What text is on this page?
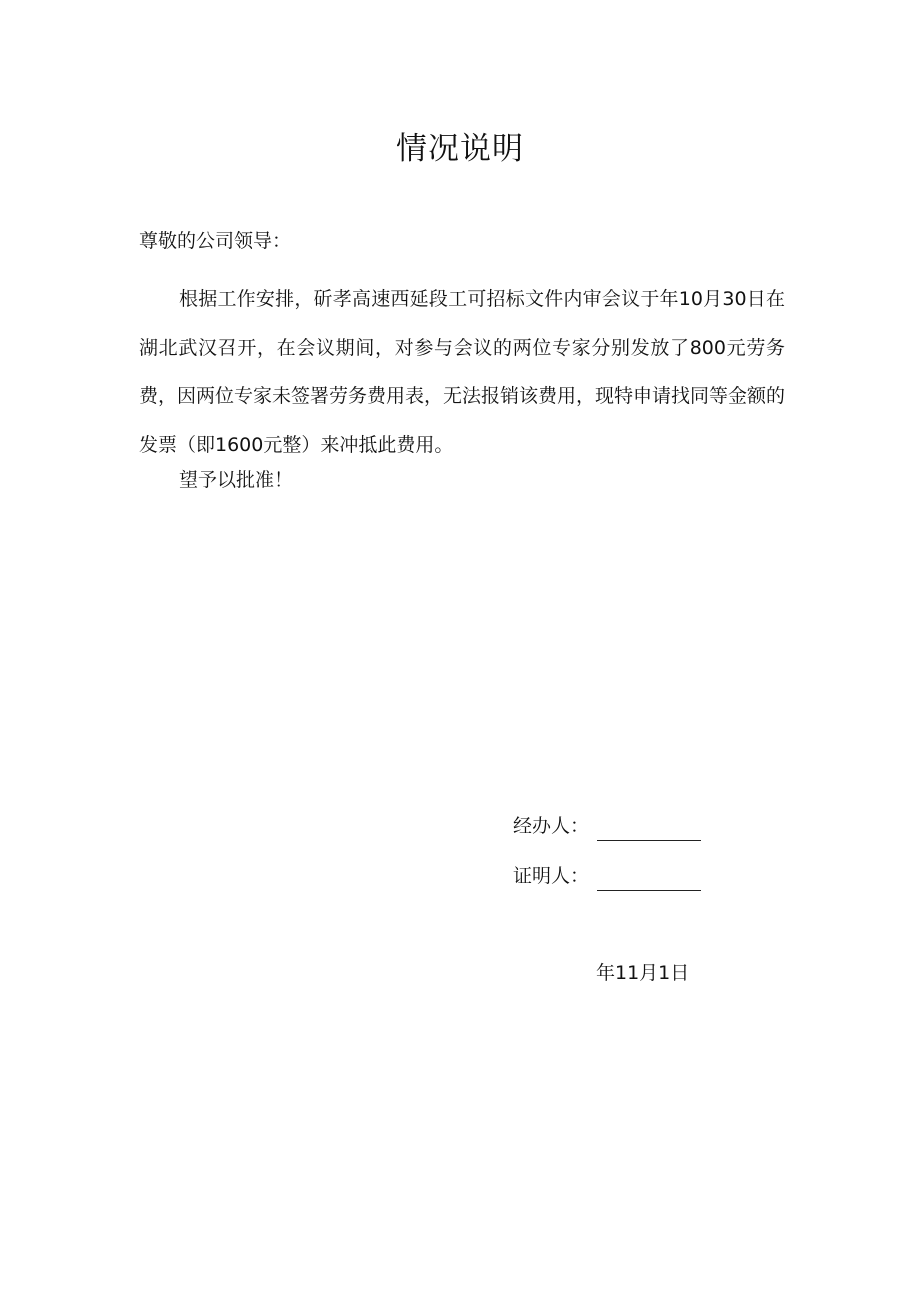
情况说明
尊敬的公司领导：

根据工作安排，斫孝高速西延段工可招标文件内审会议于年10月30日在湖北武汉召开，在会议期间，对参与会议的两位专家分别发放了800元劳务费，因两位专家未签署劳务费用表，无法报销该费用，现特申请找同等金额的发票（即1600元整）来冲抵此费用。

望予以批准！
经办人：
证明人：
年11月1日
